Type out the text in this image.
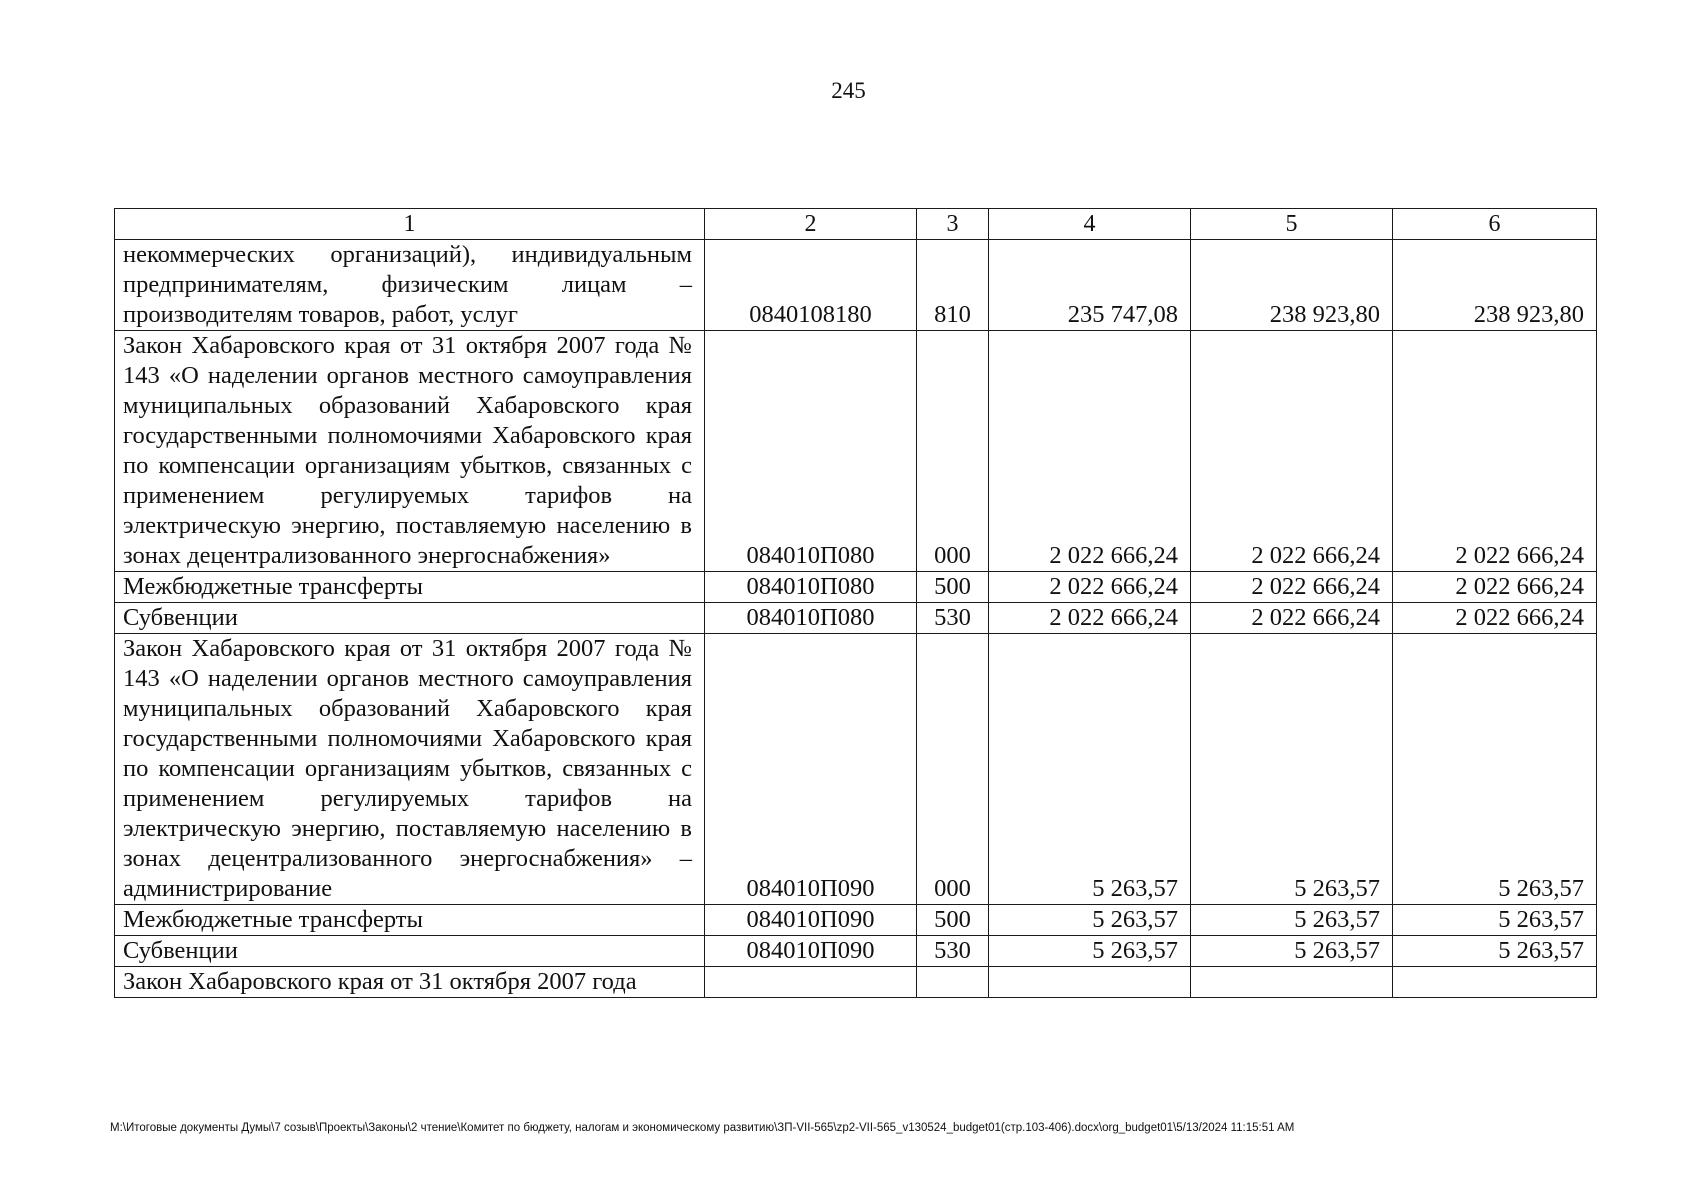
245
1	2	3	4	5	6
некоммерческих организаций), индивидуальным предпринимателям, физическим лицам – производителям товаров, работ, услуг	0840108180	810	235 747,08	238 923,80	238 923,80
Закон Хабаровского края от 31 октября 2007 года № 143 «О наделении органов местного самоуправления муниципальных образований Хабаровского края государственными полномочиями Хабаровского края по компенсации организациям убытков, связанных с применением регулируемых тарифов на электрическую энергию, поставляемую населению в зонах децентрализованного энергоснабжения»	084010П080	000	2 022 666,24	2 022 666,24	2 022 666,24
Межбюджетные трансферты	084010П080	500	2 022 666,24	2 022 666,24	2 022 666,24
Субвенции	084010П080	530	2 022 666,24	2 022 666,24	2 022 666,24
Закон Хабаровского края от 31 октября 2007 года № 143 «О наделении органов местного самоуправления муниципальных образований Хабаровского края государственными полномочиями Хабаровского края по компенсации организациям убытков, связанных с применением регулируемых тарифов на электрическую энергию, поставляемую населению в зонах децентрализованного энергоснабжения» – администрирование	084010П090	000	5 263,57	5 263,57	5 263,57
Межбюджетные трансферты	084010П090	500	5 263,57	5 263,57	5 263,57
Субвенции	084010П090	530	5 263,57	5 263,57	5 263,57
Закон Хабаровского края от 31 октября 2007 года					
M:\Итоговые документы Думы\7 созыв\Проекты\Законы\2 чтение\Комитет по бюджету, налогам и экономическому развитию\ЗП-VII-565\zp2-VII-565_v130524_budget01(стр.103-406).docx\org_budget01\5/13/2024 11:15:51 AM
